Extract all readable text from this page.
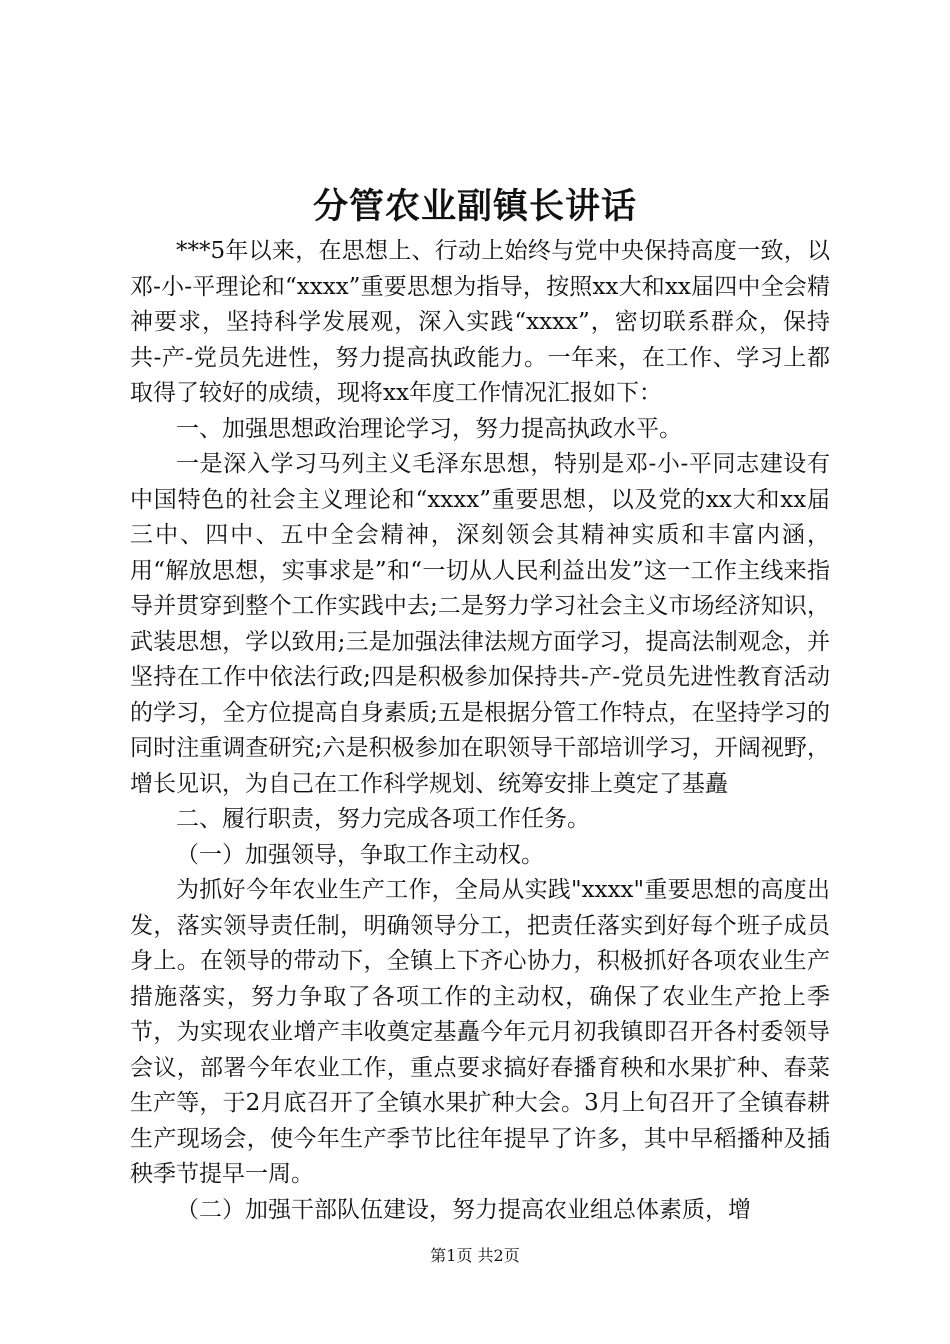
分管农业副镇长讲话

***5年以来，在思想上、行动上始终与党中央保持高度一致，以邓-小-平理论和“xxxx”重要思想为指导，按照xx大和xx届四中全会精神要求，坚持科学发展观，深入实践“xxxx”，密切联系群众，保持共-产-党员先进性，努力提高执政能力。一年来，在工作、学习上都取得了较好的成绩，现将xx年度工作情况汇报如下：

一、加强思想政治理论学习，努力提高执政水平。

一是深入学习马列主义毛泽东思想，特别是邓-小-平同志建设有中国特色的社会主义理论和“xxxx”重要思想，以及党的xx大和xx届三中、四中、五中全会精神，深刻领会其精神实质和丰富内涵，用“解放思想，实事求是”和“一切从人民利益出发”这一工作主线来指导并贯穿到整个工作实践中去;二是努力学习社会主义市场经济知识，武装思想，学以致用;三是加强法律法规方面学习，提高法制观念，并坚持在工作中依法行政;四是积极参加保持共-产-党员先进性教育活动的学习，全方位提高自身素质;五是根据分管工作特点，在坚持学习的同时注重调查研究;六是积极参加在职领导干部培训学习，开阔视野，增长见识，为自己在工作科学规划、统筹安排上奠定了基矗

二、履行职责，努力完成各项工作任务。

（一）加强领导，争取工作主动权。

为抓好今年农业生产工作，全局从实践"xxxx"重要思想的高度出发，落实领导责任制，明确领导分工，把责任落实到好每个班子成员身上。在领导的带动下，全镇上下齐心协力，积极抓好各项农业生产措施落实，努力争取了各项工作的主动权，确保了农业生产抢上季节，为实现农业增产丰收奠定基矗今年元月初我镇即召开各村委领导会议，部署今年农业工作，重点要求搞好春播育秧和水果扩种、春菜生产等，于2月底召开了全镇水果扩种大会。3月上旬召开了全镇春耕生产现场会，使今年生产季节比往年提早了许多，其中早稻播种及插秧季节提早一周。

（二）加强干部队伍建设，努力提高农业组总体素质，增

第1页 共2页
